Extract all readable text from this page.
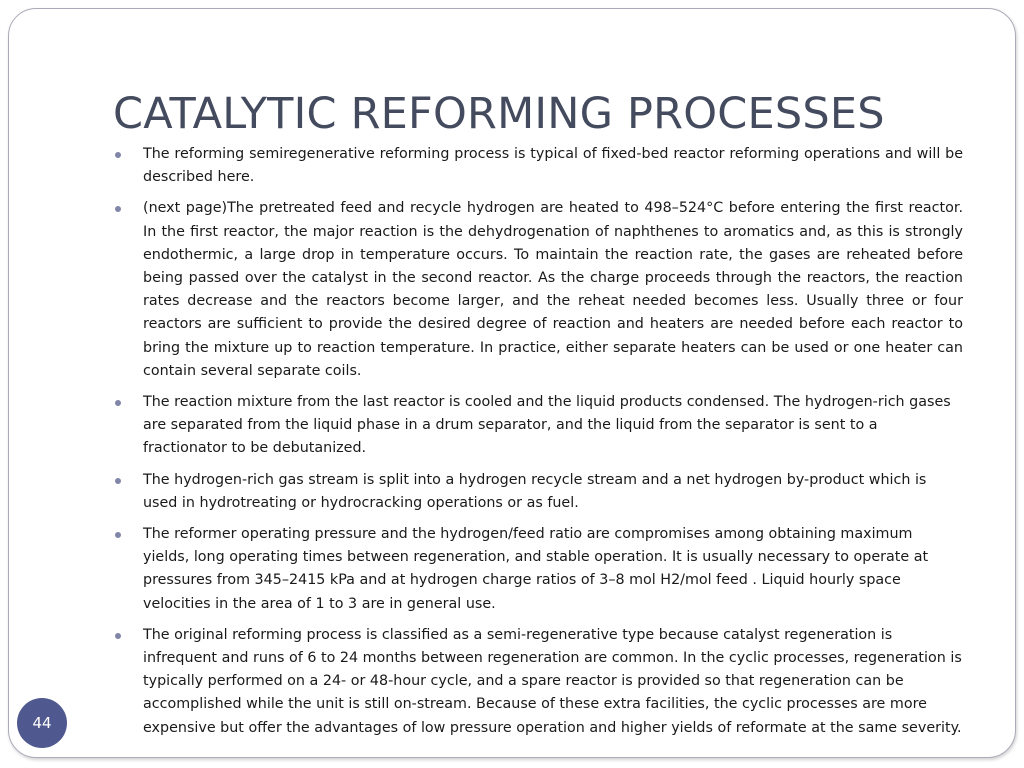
CATALYTIC REFORMING PROCESSES
The reforming semiregenerative reforming process is typical of fixed-bed reactor reforming operations and will be described here.
(next page)The pretreated feed and recycle hydrogen are heated to 498–524°C before entering the first reactor. In the first reactor, the major reaction is the dehydrogenation of naphthenes to aromatics and, as this is strongly endothermic, a large drop in temperature occurs. To maintain the reaction rate, the gases are reheated before being passed over the catalyst in the second reactor. As the charge proceeds through the reactors, the reaction rates decrease and the reactors become larger, and the reheat needed becomes less. Usually three or four reactors are sufficient to provide the desired degree of reaction and heaters are needed before each reactor to bring the mixture up to reaction temperature. In practice, either separate heaters can be used or one heater can contain several separate coils.
The reaction mixture from the last reactor is cooled and the liquid products condensed. The hydrogen-rich gases are separated from the liquid phase in a drum separator, and the liquid from the separator is sent to a fractionator to be debutanized.
The hydrogen-rich gas stream is split into a hydrogen recycle stream and a net hydrogen by-product which is used in hydrotreating or hydrocracking operations or as fuel.
The reformer operating pressure and the hydrogen/feed ratio are compromises among obtaining maximum yields, long operating times between regeneration, and stable operation. It is usually necessary to operate at pressures from 345–2415 kPa and at hydrogen charge ratios of 3–8 mol H2/mol feed . Liquid hourly space velocities in the area of 1 to 3 are in general use.
The original reforming process is classified as a semi-regenerative type because catalyst regeneration is infrequent and runs of 6 to 24 months between regeneration are common. In the cyclic processes, regeneration is typically performed on a 24- or 48-hour cycle, and a spare reactor is provided so that regeneration can be accomplished while the unit is still on-stream. Because of these extra facilities, the cyclic processes are more expensive but offer the advantages of low pressure operation and higher yields of reformate at the same severity.
44
